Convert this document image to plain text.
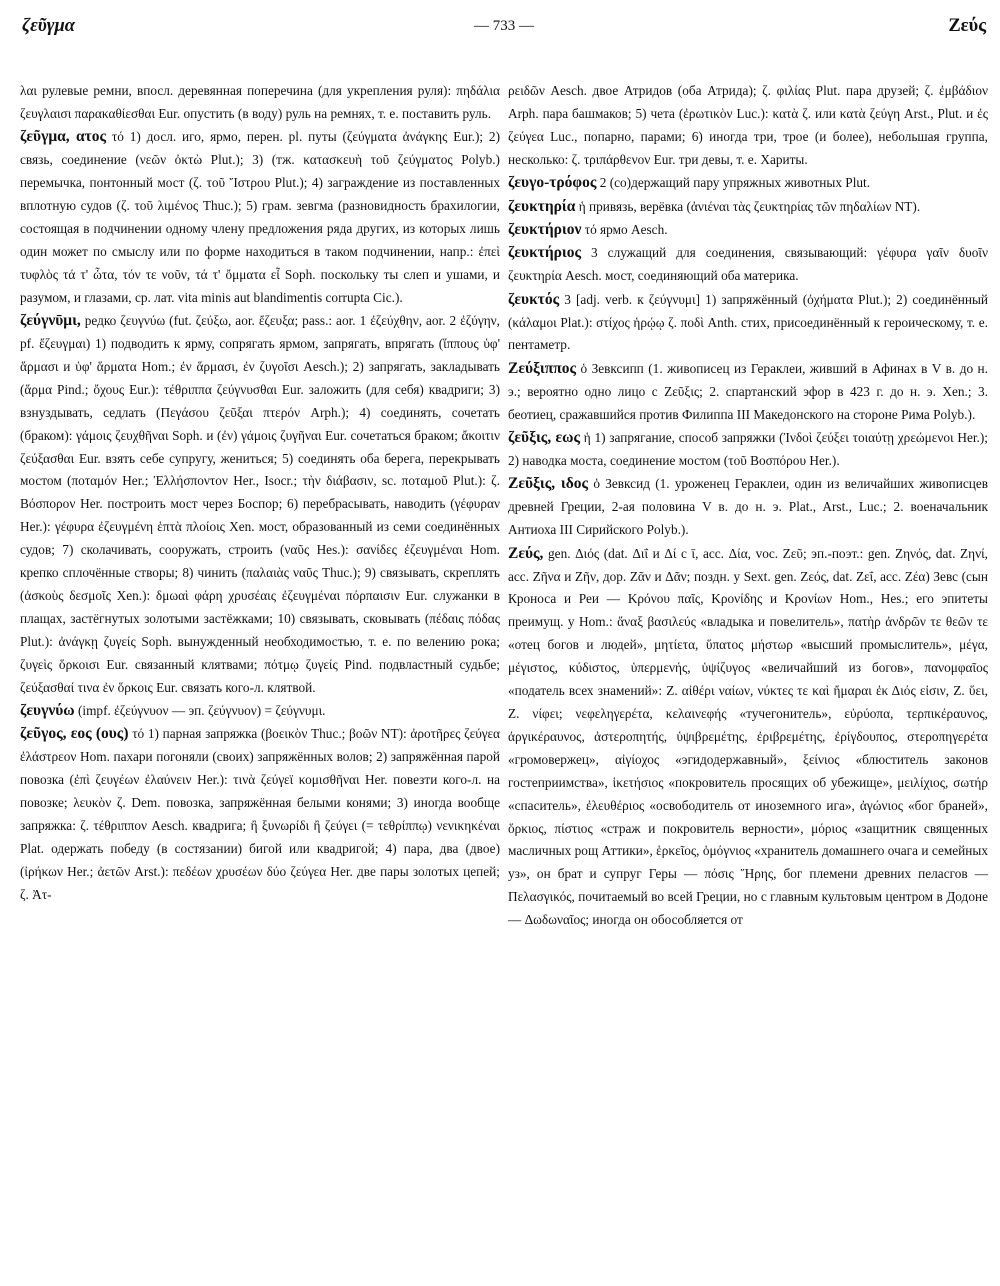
ζεῦγμα	— 733 —	Ζεύς

λαι рулевые ремни, впосл. деревянная поперечина (для укрепления руля): πηδάλια ζευγλαισι παρακαθίεσθαι Eur. опустить (в воду) руль на ремнях, т. е. поставить руль.

ζεῦγμα, ατος τό 1) досл. иго, ярмо, перен. pl. путы (ζεύγματα ἀνάγκης Eur.); 2) связь, соединение (νεῶν ὀκτὼ Plut.); 3) (тж. κατασκευὴ τοῦ ζεύγματος Polyb.) перемычка, понтонный мост (ζ. τοῦ Ἴστρου Plut.); 4) заграждение из поставленных вплотную судов (ζ. τοῦ λιμένος Thuc.); 5) грам. зевгма (разновидность брахилогии, состоящая в подчинении одному члену предложения ряда других, из которых лишь один может по смыслу или по форме находиться в таком подчинении, напр.: ἐπεὶ τυφλὸς τά τ' ὦτα, τόν τε νοῦν, τά τ' ὄμματα εἶ Soph. поскольку ты слеп и ушами, и разумом, и глазами, ср. лат. vita minis aut blandimentis corrupta Cic.).

ζεύγνῡμι, редко ζευγνύω (fut. ζεύξω, aor. ἔζευξα; pass.: aor. 1 ἐζεύχθην, aor. 2 ἐζύγην, pf. ἔζευγμαι) 1) подводить к ярму, сопрягать ярмом, запрягать, впрягать (ἵππους ὑφ' ἅρμασι и ὑφ' ἅρματα Hom.; ἐν ἅρμασι, ἐν ζυγοῖσι Aesch.); 2) запрягать, закладывать (ἅρμα Pind.; ὄχους Eur.): τέθριππα ζεύγνυσθαι Eur. заложить (для себя) квадриги; 3) взнуздывать, седлать (Πεγάσου ζεῦξαι πτερόν Arph.); 4) соединять, сочетать (браком): γάμοις ζευχθῆναι Soph. и (ἐν) γάμοις ζυγῆναι Eur. сочетаться браком; ἄκοιτιν ζεύξασθαι Eur. взять себе супругу, жениться; 5) соединять оба берега, перекрывать мостом (ποταμόν Her.; Ἑλλήσποντον Her., Isocr.; τὴν διάβασιν, sc. ποταμοῦ Plut.): ζ. Βόσπορον Her. построить мост через Боспор; 6) перебрасывать, наводить (γέφυραν Her.): γέφυρα ἐζευγμένη ἑπτὰ πλοίοις Xen. мост, образованный из семи соединённых судов; 7) сколачивать, сооружать, строить (ναῦς Hes.): σανίδες ἐζευγμέναι Hom. крепко сплочённые створы; 8) чинить (παλαιὰς ναῦς Thuc.); 9) связывать, скреплять (ἀσκοὺς δεσμοῖς Xen.): δμωαὶ φάρη χρυσέαις ἐζευγμέναι πόρπαισιν Eur. служанки в плащах, застёгнутых золотыми застёжками; 10) связывать, сковывать (πέδαις πόδας Plut.): ἀνάγκῃ ζυγείς Soph. вынужденный необходимостью, т. е. по велению рока; ζυγεὶς ὅρκοισι Eur. связанный клятвами; πότμῳ ζυγείς Pind. подвластный судьбе; ζεύξασθαί τινα ἐν ὅρκοις Eur. связать кого-л. клятвой.

ζευγνύω (impf. ἐζεύγνυον — эп. ζεύγνυον) = ζεύγνυμι.

ζεῦγος, εος (ους) τό 1) парная запряжка (βοεικὸν Thuc.; βοῶν NT): ἀροτῆρες ζεύγεα ἐλάστρεον Hom. пахари погоняли (своих) запряжённых волов; 2) запряжённая парой повозка (ἐπὶ ζευγέων ἐλαύνειν Her.): τινὰ ζεύγεϊ κομισθῆναι Her. повезти кого-л. на повозке; λευκὸν ζ. Dem. повозка, запряжённая белыми конями; 3) иногда вообще запряжка: ζ. τέθριππον Aesch. квадрига; ἢ ξυνωρίδι ἢ ζεύγει (= τεθρίππῳ) νενικηκέναι Plat. одержать победу (в состязании) бигой или квадригой; 4) пара, два (двое) (ἰρήκων Her.; ἀετῶν Arst.): πεδέων χρυσέων δύο ζεύγεα Her. две пары золотых цепей; ζ. Ἀτ-

ρειδῶν Aesch. двое Атридов (оба Атрида); ζ. φιλίας Plut. пара друзей; ζ. ἐμβάδιον Arph. пара башмаков; 5) чета (ἐρωτικὸν Luc.): κατὰ ζ. или κατὰ ζεύγη Arst., Plut. и ἐς ζεύγεα Luc., попарно, парами; 6) иногда три, трое (и более), небольшая группа, несколько: ζ. τριπάρθενον Eur. три девы, т. е. Хариты.

ζευγο-τρόφος 2 (со)держащий пару упряжных животных Plut.

ζευκτηρία ἡ привязь, верёвка (ἀνιέναι τὰς ζευκτηρίας τῶν πηδαλίων NT).

ζευκτήριον τό ярмо Aesch.

ζευκτήριος 3 служащий для соединения, связывающий: γέφυρα γαῖν δυοῖν ζευκτηρία Aesch. мост, соединяющий оба материка.

ζευκτός 3 [adj. verb. к ζεύγνυμι] 1) запряжённый (ὀχήματα Plut.); 2) соединённый (κάλαμοι Plat.): στίχος ἡρῴῳ ζ. ποδὶ Anth. стих, присоединённый к героическому, т. е. пентаметр.

Ζεύξιππος ὁ Зевксипп (1. живописец из Гераклеи, живший в Афинах в V в. до н. э.; вероятно одно лицо с Ζεῦξις; 2. спартанский эфор в 423 г. до н. э. Xen.; 3. беотиец, сражавшийся против Филиппа III Македонского на стороне Рима Polyb.).

ζεῦξις, εως ἡ 1) запрягание, способ запряжки (Ἰνδοὶ ζεύξει τοιαύτῃ χρεώμενοι Her.); 2) наводка моста, соединение мостом (τοῦ Βοσπόρου Her.).

Ζεῦξις, ιδος ὁ Зевксид (1. уроженец Гераклеи, один из величайших живописцев древней Греции, 2-ая половина V в. до н. э. Plat., Arst., Luc.; 2. военачальник Антиоха III Сирийского Polyb.).

Ζεύς, gen. Διός (dat. Διΐ и Δί с ῑ, acc. Δία, voc. Ζεῦ; эп.-поэт.: gen. Ζηνός, dat. Ζηνί, acc. Ζῆνα и Ζῆν, дор. Ζᾶν и Δᾶν; поздн. у Sext. gen. Ζεός, dat. Ζεΐ, acc. Ζέα) Зевс (сын Кроноса и Реи — Κρόνου παῖς, Κρονίδης и Κρονίων Hom., Hes.; его эпитеты преимущ. у Hom.: ἄναξ βασιλεύς «владыка и повелитель», πατὴρ ἀνδρῶν τε θεῶν τε «отец богов и людей», μητίετα, ὕπατος μήστωρ «высший промыслитель», μέγα, μέγιστος, κύδιστος, ὑπερμενής, ὑψίζυγος «величайший из богов», πανομφαῖος «податель всех знамений»: Ζ. αἰθέρι ναίων, νύκτες τε καὶ ἤμαραι ἐκ Διός εἰσιν, Ζ. ὕει, Ζ. νίφει; νεφεληγερέτα, κελαινεφής «тучегонитель», εὐρύοπα, τερπικέραυνος, ἀργικέραυνος, ἀστεροπητής, ὑψιβρεμέτης, ἐριβρεμέτης, ἐρίγδουπος, στεροπηγερέτα «громовержец», αἰγίοχος «эгидодержавный», ξείνιος «блюститель законов гостеприимства», ἱκετήσιος «покровитель просящих об убежище», μειλίχιος, σωτήρ «спаситель», ἐλευθέριος «освободитель от иноземного ига», ἀγώνιος «бог браней», ὅρκιος, πίστιος «страж и покровитель верности», μόριος «защитник священных масличных рощ Аттики», ἑρκεῖος, ὁμόγνιος «хранитель домашнего очага и семейных уз», он брат и супруг Геры — πόσις Ἥρης, бог племени древних пеласгов — Πελασγικός, почитаемый во всей Греции, но с главным культовым центром в Додоне — Δωδωναῖος; иногда он обособляется от
